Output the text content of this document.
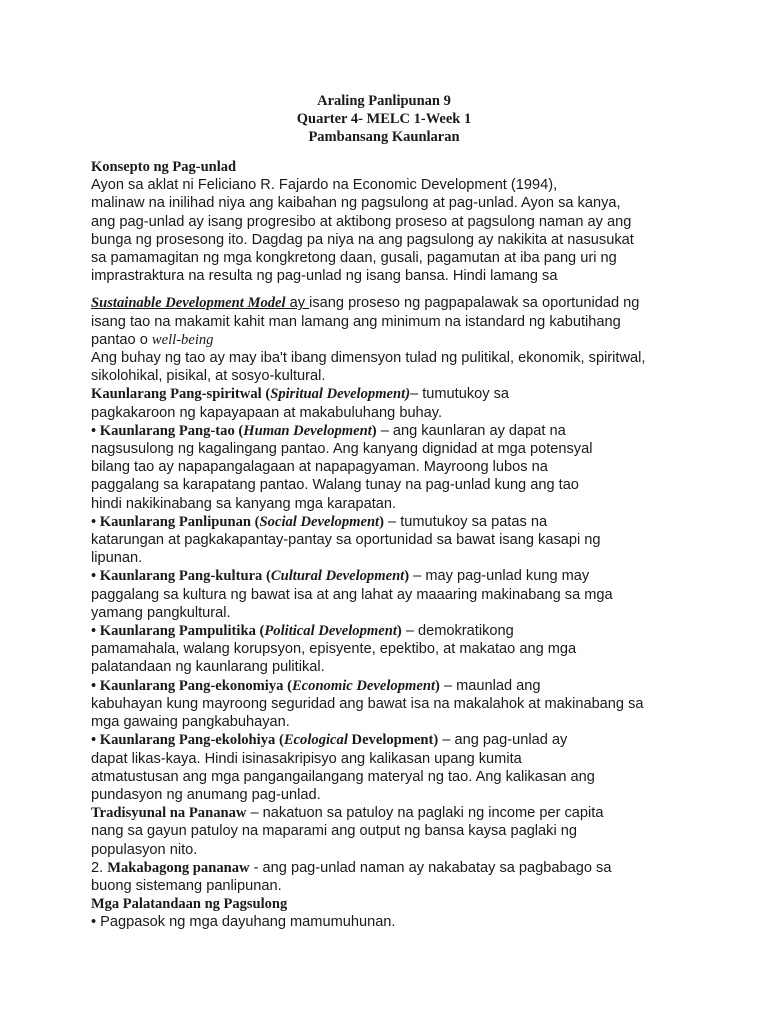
Araling Panlipunan 9
Quarter 4- MELC 1-Week 1
Pambansang Kaunlaran

Konsepto ng Pag-unlad

Ayon sa aklat ni Feliciano R. Fajardo na Economic Development (1994),

malinaw na inilihad niya ang kaibahan ng pagsulong at pag-unlad. Ayon sa kanya,

ang pag-unlad ay isang progresibo at aktibong proseso at pagsulong naman ay ang

bunga ng prosesong ito. Dagdag pa niya na ang pagsulong ay nakikita at nasusukat

sa pamamagitan ng mga kongkretong daan, gusali, pagamutan at iba pang uri ng

imprastraktura na resulta ng pag-unlad ng isang bansa. Hindi lamang sa

Sustainable Development Model ay isang proseso ng pagpapalawak sa oportunidad ng

isang tao na makamit kahit man lamang ang minimum na istandard ng kabutihang

pantao o well-being

Ang buhay ng tao ay may iba't ibang dimensyon tulad ng pulitikal, ekonomik, spiritwal,

sikolohikal, pisikal, at sosyo-kultural.

Kaunlarang Pang-spiritwal (Spiritual Development)– tumutukoy sa

pagkakaroon ng kapayapaan at makabuluhang buhay.

• Kaunlarang Pang-tao (Human Development) – ang kaunlaran ay dapat na

nagsusulong ng kagalingang pantao. Ang kanyang dignidad at mga potensyal

bilang tao ay napapangalagaan at napapagyaman. Mayroong lubos na

paggalang sa karapatang pantao. Walang tunay na pag-unlad kung ang tao

hindi nakikinabang sa kanyang mga karapatan.

• Kaunlarang Panlipunan (Social Development) – tumutukoy sa patas na

katarungan at pagkakapantay-pantay sa oportunidad sa bawat isang kasapi ng

lipunan.

• Kaunlarang Pang-kultura (Cultural Development) – may pag-unlad kung may

paggalang sa kultura ng bawat isa at ang lahat ay maaaring makinabang sa mga

yamang pangkultural.

• Kaunlarang Pampulitika (Political Development) – demokratikong

pamamahala, walang korupsyon, episyente, epektibo, at makatao ang mga

palatandaan ng kaunlarang pulitikal.

• Kaunlarang Pang-ekonomiya (Economic Development) – maunlad ang

kabuhayan kung mayroong seguridad ang bawat isa na makalahok at makinabang sa

mga gawaing pangkabuhayan.

• Kaunlarang Pang-ekolohiya (Ecological Development) – ang pag-unlad ay

dapat likas-kaya. Hindi isinasakripisyo ang kalikasan upang kumita

atmatustusan ang mga pangangailangang materyal ng tao. Ang kalikasan ang

pundasyon ng anumang pag-unlad.

Tradisyunal na Pananaw – nakatuon sa patuloy na paglaki ng income per capita

nang sa gayun patuloy na maparami ang output ng bansa kaysa paglaki ng

populasyon nito.

2. Makabagong pananaw - ang pag-unlad naman ay nakabatay sa pagbabago sa

buong sistemang panlipunan.

Mga Palatandaan ng Pagsulong

• Pagpasok ng mga dayuhang mamumuhunan.
